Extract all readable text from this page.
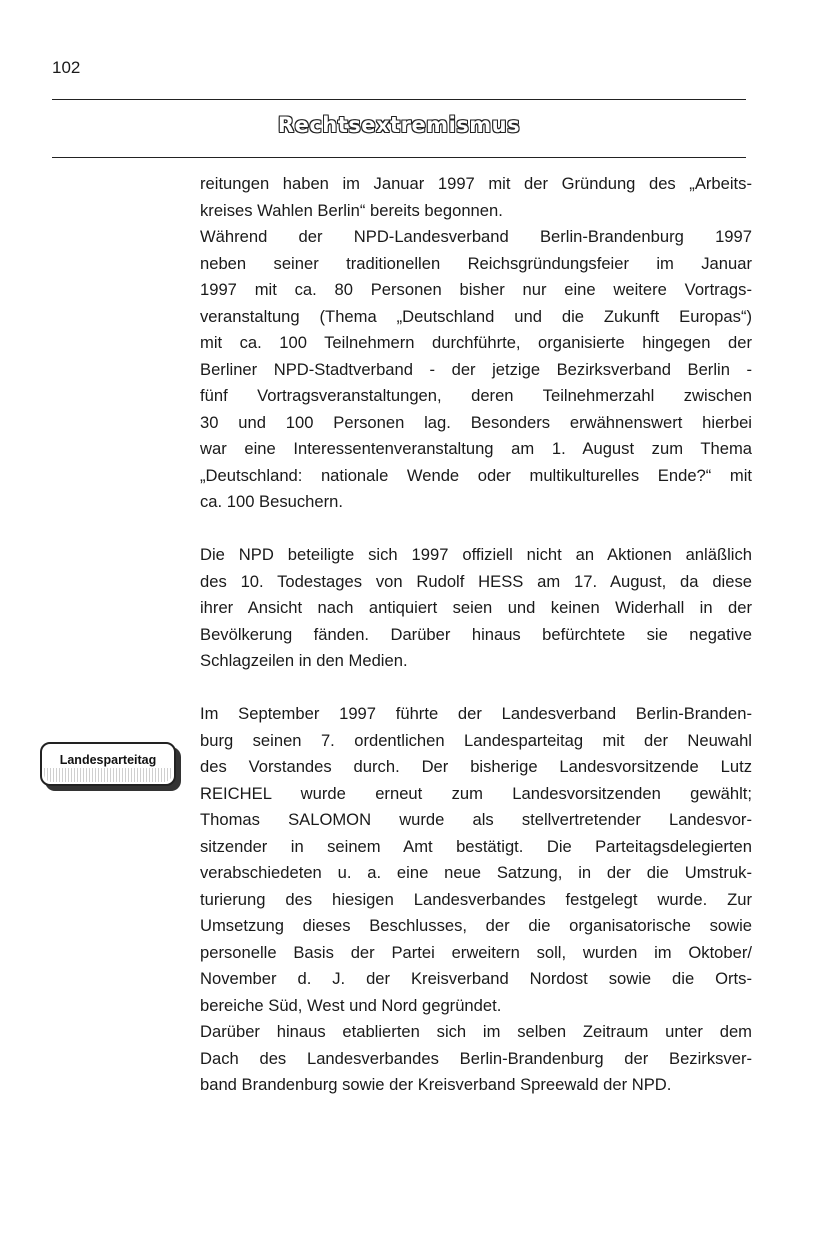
102
Rechtsextremismus
Landesparteitag

reitungen haben im Januar 1997 mit der Gründung des „Arbeits-
kreises Wahlen Berlin“ bereits begonnen.

Während der NPD-Landesverband Berlin-Brandenburg 1997
neben seiner traditionellen Reichsgründungsfeier im Januar
1997 mit ca. 80 Personen bisher nur eine weitere Vortrags-
veranstaltung (Thema „Deutschland und die Zukunft Europas“)
mit ca. 100 Teilnehmern durchführte, organisierte hingegen der
Berliner NPD-Stadtverband - der jetzige Bezirksverband Berlin -
fünf Vortragsveranstaltungen, deren Teilnehmerzahl zwischen
30 und 100 Personen lag. Besonders erwähnenswert hierbei
war eine Interessentenveranstaltung am 1. August zum Thema
„Deutschland: nationale Wende oder multikulturelles Ende?“ mit
ca. 100 Besuchern.

Die NPD beteiligte sich 1997 offiziell nicht an Aktionen anläßlich
des 10. Todestages von Rudolf HESS am 17. August, da diese
ihrer Ansicht nach antiquiert seien und keinen Widerhall in der
Bevölkerung fänden. Darüber hinaus befürchtete sie negative
Schlagzeilen in den Medien.

Im September 1997 führte der Landesverband Berlin-Branden-
burg seinen 7. ordentlichen Landesparteitag mit der Neuwahl
des Vorstandes durch. Der bisherige Landesvorsitzende Lutz
REICHEL wurde erneut zum Landesvorsitzenden gewählt;
Thomas SALOMON wurde als stellvertretender Landesvor-
sitzender in seinem Amt bestätigt. Die Parteitagsdelegierten
verabschiedeten u. a. eine neue Satzung, in der die Umstruk-
turierung des hiesigen Landesverbandes festgelegt wurde. Zur
Umsetzung dieses Beschlusses, der die organisatorische sowie
personelle Basis der Partei erweitern soll, wurden im Oktober/
November d. J. der Kreisverband Nordost sowie die Orts-
bereiche Süd, West und Nord gegründet.

Darüber hinaus etablierten sich im selben Zeitraum unter dem
Dach des Landesverbandes Berlin-Brandenburg der Bezirksver-
band Brandenburg sowie der Kreisverband Spreewald der NPD.
